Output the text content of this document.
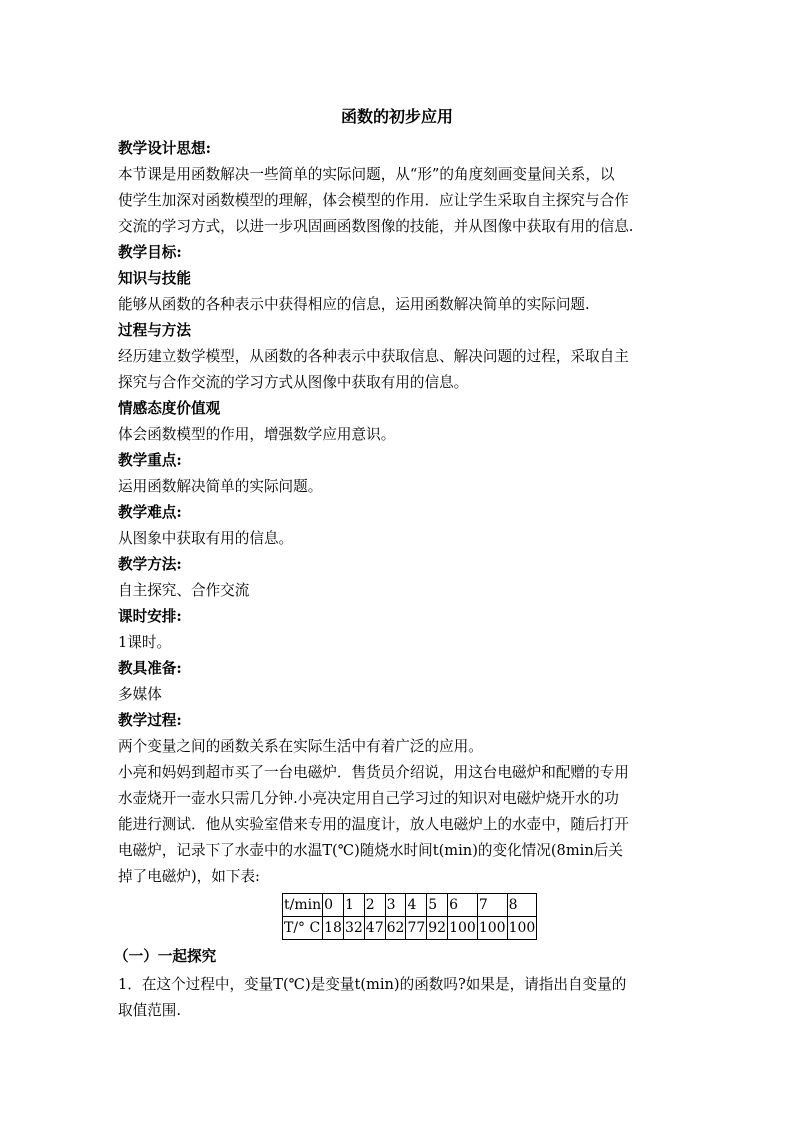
函数的初步应用
教学设计思想:
本节课是用函数解决一些简单的实际问题，从“形”的角度刻画变量间关系，以
使学生加深对函数模型的理解，体会模型的作用．应让学生采取自主探究与合作
交流的学习方式，以进一步巩固画函数图像的技能，并从图像中获取有用的信息.
教学目标:
知识与技能
能够从函数的各种表示中获得相应的信息，运用函数解决简单的实际问题.
过程与方法
经历建立数学模型，从函数的各种表示中获取信息、解决问题的过程，采取自主
探究与合作交流的学习方式从图像中获取有用的信息。
情感态度价值观
体会函数模型的作用，增强数学应用意识。
教学重点:
运用函数解决简单的实际问题。
教学难点:
从图象中获取有用的信息。
教学方法:
自主探究、合作交流
课时安排:
1课时。
教具准备:
多媒体
教学过程:
两个变量之间的函数关系在实际生活中有着广泛的应用。
小亮和妈妈到超市买了一台电磁炉．售货员介绍说，用这台电磁炉和配赠的专用
水壶烧开一壶水只需几分钟.小亮决定用自己学习过的知识对电磁炉烧开水的功
能进行测试．他从实验室借来专用的温度计，放人电磁炉上的水壶中，随后打开
电磁炉，记录下了水壶中的水温T(℃)随烧水时间t(min)的变化情况(8min后关
掉了电磁炉)，如下表:
t/min	0	1	2	3	4	5	6	7	8
T/° C	18	32	47	62	77	92	100	100	100
（一）一起探究
1．在这个过程中，变量T(℃)是变量t(min)的函数吗?如果是，请指出自变量的
取值范围.
